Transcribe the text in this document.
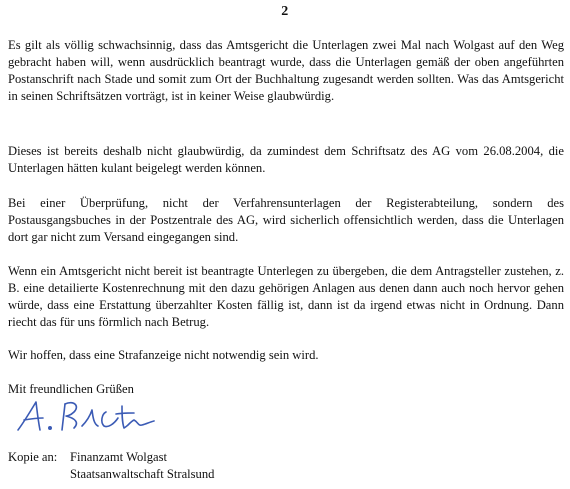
2

Es gilt als völlig schwachsinnig, dass das Amtsgericht die Unterlagen zwei Mal nach Wolgast auf den Weg gebracht haben will, wenn ausdrücklich beantragt wurde, dass die Unterlagen gemäß der oben angeführten Postanschrift nach Stade und somit zum Ort der Buchhaltung zugesandt werden sollten. Was das Amtsgericht in seinen Schriftsätzen vorträgt, ist in keiner Weise glaubwürdig.

Dieses ist bereits deshalb nicht glaubwürdig, da zumindest dem Schriftsatz des AG vom 26.08.2004, die Unterlagen hätten kulant beigelegt werden können.

Bei einer Überprüfung, nicht der Verfahrensunterlagen der Registerabteilung, sondern des Postausgangsbuches in der Postzentrale des AG, wird sicherlich offensichtlich werden, dass die Unterlagen dort gar nicht zum Versand eingegangen sind.

Wenn ein Amtsgericht nicht bereit ist beantragte Unterlegen zu übergeben, die dem Antragsteller zustehen, z. B. eine detailierte Kostenrechnung mit den dazu gehörigen Anlagen aus denen dann auch noch hervor gehen würde, dass eine Erstattung überzahlter Kosten fällig ist, dann ist da irgend etwas nicht in Ordnung. Dann riecht das für uns förmlich nach Betrug.

Wir hoffen, dass eine Strafanzeige nicht notwendig sein wird.

Mit freundlichen Grüßen
Kopie an:	Finanzamt Wolgast
Staatsanwaltschaft Stralsund
